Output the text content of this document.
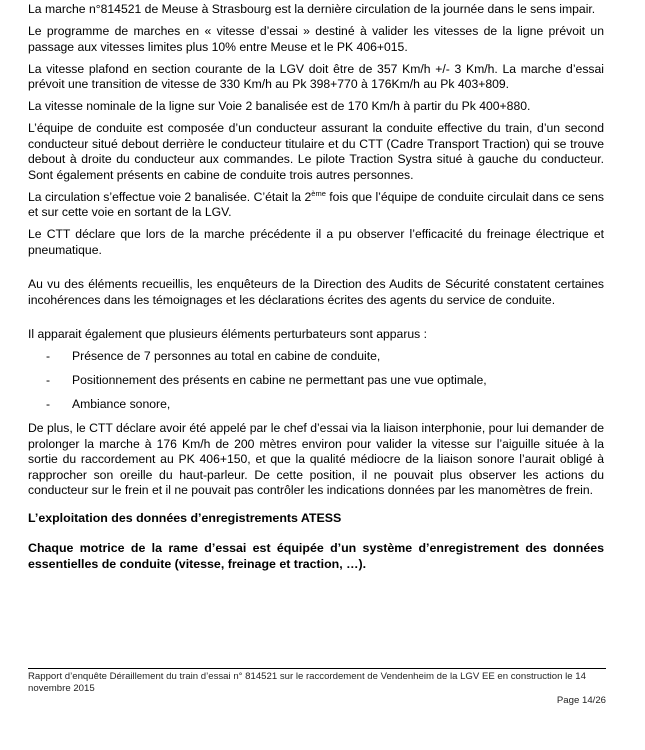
La marche n°814521 de Meuse à Strasbourg est la dernière circulation de la journée dans le sens impair.

Le programme de marches en « vitesse d’essai » destiné à valider les vitesses de la ligne prévoit un passage aux vitesses limites plus 10% entre Meuse et le PK 406+015.

La vitesse plafond en section courante de la LGV doit être de 357 Km/h +/- 3 Km/h. La marche d’essai prévoit une transition de vitesse de 330 Km/h au Pk 398+770 à 176Km/h au Pk 403+809.

La vitesse nominale de la ligne sur Voie 2 banalisée est de 170 Km/h à partir du Pk 400+880.

L’équipe de conduite est composée d’un conducteur assurant la conduite effective du train, d’un second conducteur situé debout derrière le conducteur titulaire et du CTT (Cadre Transport Traction) qui se trouve debout à droite du conducteur aux commandes. Le pilote Traction Systra situé à gauche du conducteur. Sont également présents en cabine de conduite trois autres personnes.

La circulation s’effectue voie 2 banalisée. C’était la 2ème fois que l’équipe de conduite circulait dans ce sens et sur cette voie en sortant de la LGV.

Le CTT déclare que lors de la marche précédente il a pu observer l’efficacité du freinage électrique et pneumatique.

Au vu des éléments recueillis, les enquêteurs de la Direction des Audits de Sécurité constatent certaines incohérences dans les témoignages et les déclarations écrites des agents du service de conduite.

Il apparait également que plusieurs éléments perturbateurs sont apparus :

- Présence de 7 personnes au total en cabine de conduite,
- Positionnement des présents en cabine ne permettant pas une vue optimale,
- Ambiance sonore,

De plus, le CTT déclare avoir été appelé par le chef d’essai via la liaison interphonie, pour lui demander de prolonger la marche à 176 Km/h de 200 mètres environ pour valider la vitesse sur l’aiguille située à la sortie du raccordement au PK 406+150, et que la qualité médiocre de la liaison sonore l’aurait obligé à rapprocher son oreille du haut-parleur. De cette position, il ne pouvait plus observer les actions du conducteur sur le frein et il ne pouvait pas contrôler les indications données par les manomètres de frein.

L’exploitation des données d’enregistrements ATESS

Chaque motrice de la rame d’essai est équipée d’un système d’enregistrement des données essentielles de conduite (vitesse, freinage et traction, …).

Rapport d’enquête Déraillement du train d’essai n° 814521 sur le raccordement de Vendenheim de la LGV EE en construction le 14 novembre 2015
Page 14/26
